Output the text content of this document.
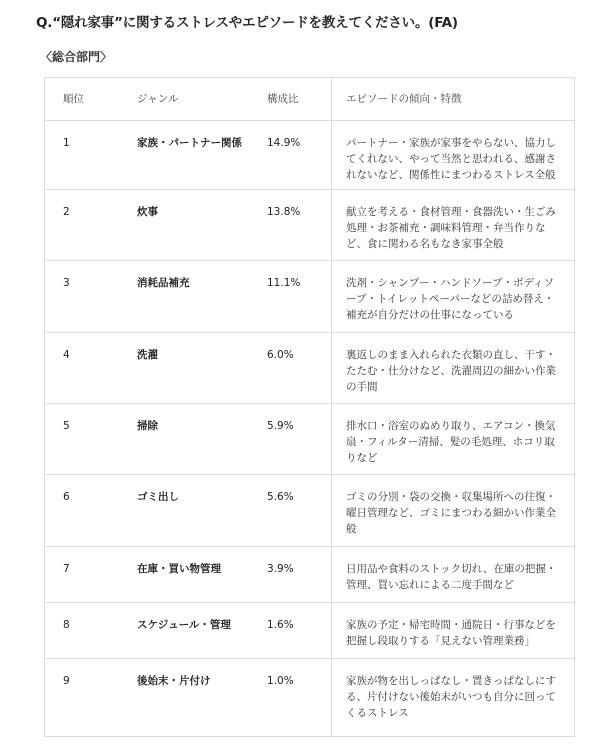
Q.“隠れ家事”に関するストレスやエピソードを教えてください。(FA)
〈総合部門〉
順位	ジャンル	構成比	エピソードの傾向・特徴
1	家族・パートナー関係	14.9%	パートナー・家族が家事をやらない、協力してくれない、やって当然と思われる、感謝されないなど、関係性にまつわるストレス全般
2	炊事	13.8%	献立を考える・食材管理・食器洗い・生ごみ処理・お茶補充・調味料管理・弁当作りなど、食に関わる名もなき家事全般
3	消耗品補充	11.1%	洗剤・シャンプー・ハンドソープ・ボディソープ・トイレットペーパーなどの詰め替え・補充が自分だけの仕事になっている
4	洗濯	6.0%	裏返しのまま入れられた衣類の直し、干す・たたむ・仕分けなど、洗濯周辺の細かい作業の手間
5	掃除	5.9%	排水口・浴室のぬめり取り、エアコン・換気扇・フィルター清掃、髪の毛処理、ホコリ取りなど
6	ゴミ出し	5.6%	ゴミの分別・袋の交換・収集場所への往復・曜日管理など、ゴミにまつわる細かい作業全般
7	在庫・買い物管理	3.9%	日用品や食料のストック切れ、在庫の把握・管理、買い忘れによる二度手間など
8	スケジュール・管理	1.6%	家族の予定・帰宅時間・通院日・行事などを把握し段取りする「見えない管理業務」
9	後始末・片付け	1.0%	家族が物を出しっぱなし・置きっぱなしにする、片付けない後始末がいつも自分に回ってくるストレス
